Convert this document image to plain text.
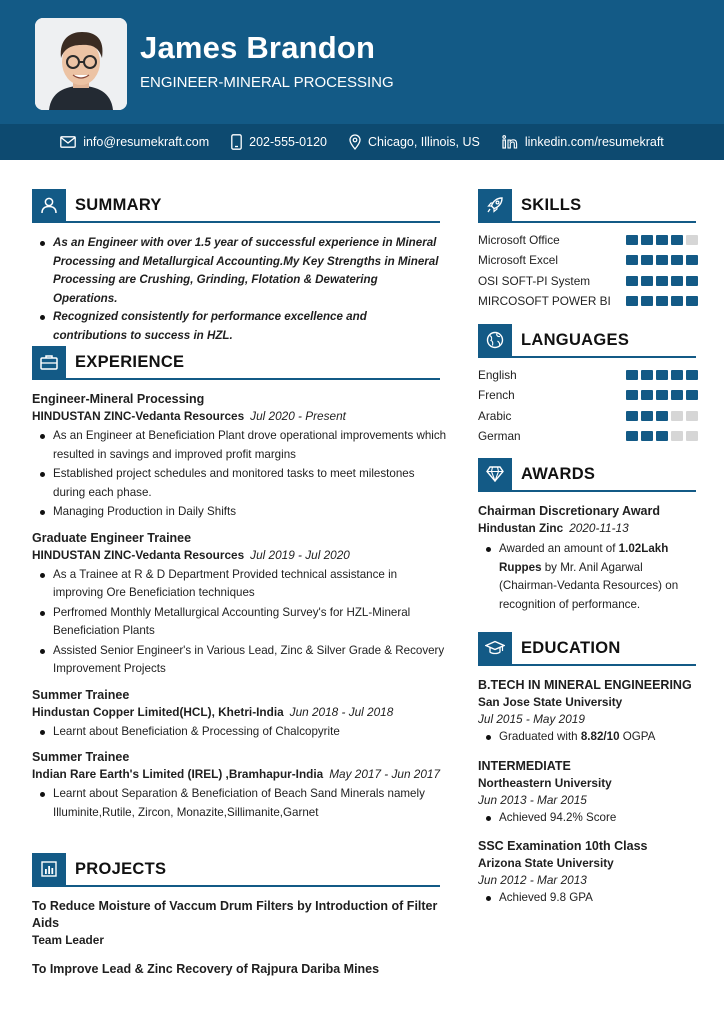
James Brandon
ENGINEER-MINERAL PROCESSING
info@resumekraft.com	202-555-0120	Chicago, Illinois, US	linkedin.com/resumekraft
SUMMARY
As an Engineer with over 1.5 year of successful experience in Mineral Processing and Metallurgical Accounting.My Key Strengths in Mineral Processing are Crushing, Grinding, Flotation & Dewatering Operations.
Recognized consistently for performance excellence and contributions to success in HZL.
EXPERIENCE
Engineer-Mineral Processing
HINDUSTAN ZINC-Vedanta Resources Jul 2020 - Present
As an Engineer at Beneficiation Plant drove operational improvements which resulted in savings and improved profit margins
Established project schedules and monitored tasks to meet milestones during each phase.
Managing Production in Daily Shifts
Graduate Engineer Trainee
HINDUSTAN ZINC-Vedanta Resources Jul 2019 - Jul 2020
As a Trainee at R & D Department Provided technical assistance in improving Ore Beneficiation techniques
Perfromed Monthly Metallurgical Accounting Survey's for HZL-Mineral Beneficiation Plants
Assisted Senior Engineer's in Various Lead, Zinc & Silver Grade & Recovery Improvement Projects
Summer Trainee
Hindustan Copper Limited(HCL), Khetri-India Jun 2018 - Jul 2018
Learnt about Beneficiation & Processing of Chalcopyrite
Summer Trainee
Indian Rare Earth's Limited (IREL) ,Bramhapur-India May 2017 - Jun 2017
Learnt about Separation & Beneficiation of Beach Sand Minerals namely Illuminite,Rutile, Zircon, Monazite,Sillimanite,Garnet
PROJECTS
To Reduce Moisture of Vaccum Drum Filters by Introduction of Filter Aids
Team Leader
To Improve Lead & Zinc Recovery of Rajpura Dariba Mines
SKILLS
Microsoft Office
Microsoft Excel
OSI SOFT-PI System
MIRCOSOFT POWER BI
LANGUAGES
English
French
Arabic
German
AWARDS
Chairman Discretionary Award
Hindustan Zinc 2020-11-13
Awarded an amount of 1.02Lakh Ruppes by Mr. Anil Agarwal (Chairman-Vedanta Resources) on recognition of performance.
EDUCATION
B.TECH IN MINERAL ENGINEERING
San Jose State University
Jul 2015 - May 2019
Graduated with 8.82/10 OGPA
INTERMEDIATE
Northeastern University
Jun 2013 - Mar 2015
Achieved 94.2% Score
SSC Examination 10th Class
Arizona State University
Jun 2012 - Mar 2013
Achieved 9.8 GPA
